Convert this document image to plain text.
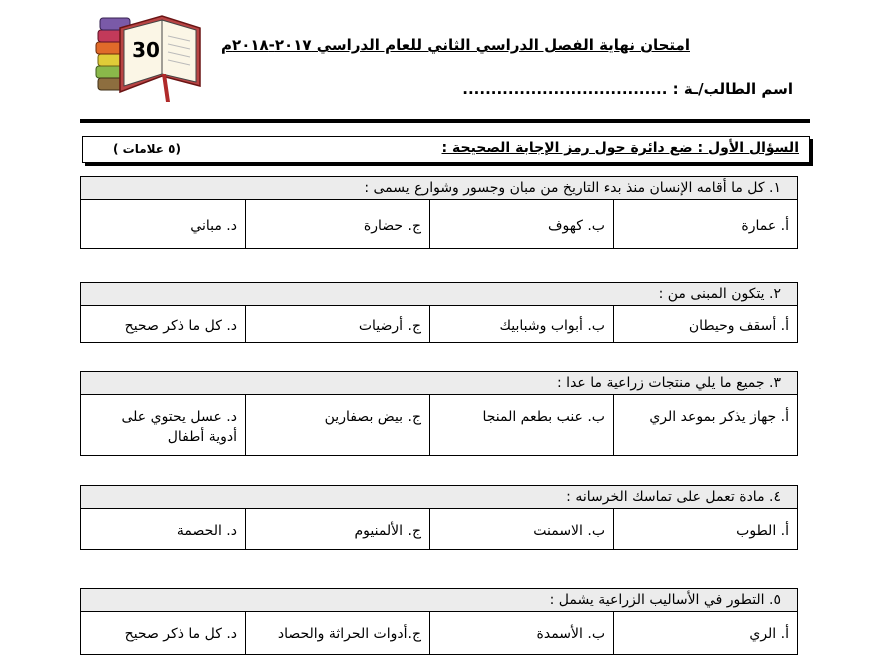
30	امتحان نهاية الفصل الدراسي الثاني للعام الدراسي ٢٠١٧-٢٠١٨م
اسم الطالب/ـة : ....................................
السؤال الأول : ضع دائرة حول رمز الإجابة الصحيحة :
(٥ علامات )
١. كل ما أقامه الإنسان منذ بدء التاريخ من مبان وجسور وشوارع يسمى :
أ. عمارة
ب. كهوف
ج. حضارة
د. مباني
٢. يتكون المبنى من :
أ. أسقف وحيطان
ب. أبواب وشبابيك
ج. أرضيات
د. كل ما ذكر صحيح
٣. جميع ما يلي منتجات زراعية ما عدا :
أ. جهاز يذكر بموعد الري
ب. عنب بطعم المنجا
ج. بيض بصفارين
د. عسل يحتوي على أدوية أطفال
٤. مادة تعمل على تماسك الخرسانه :
أ. الطوب
ب. الاسمنت
ج. الألمنيوم
د. الحصمة
٥. التطور في الأساليب الزراعية يشمل :
أ. الري
ب. الأسمدة
ج.أدوات الحراثة والحصاد
د. كل ما ذكر صحيح
